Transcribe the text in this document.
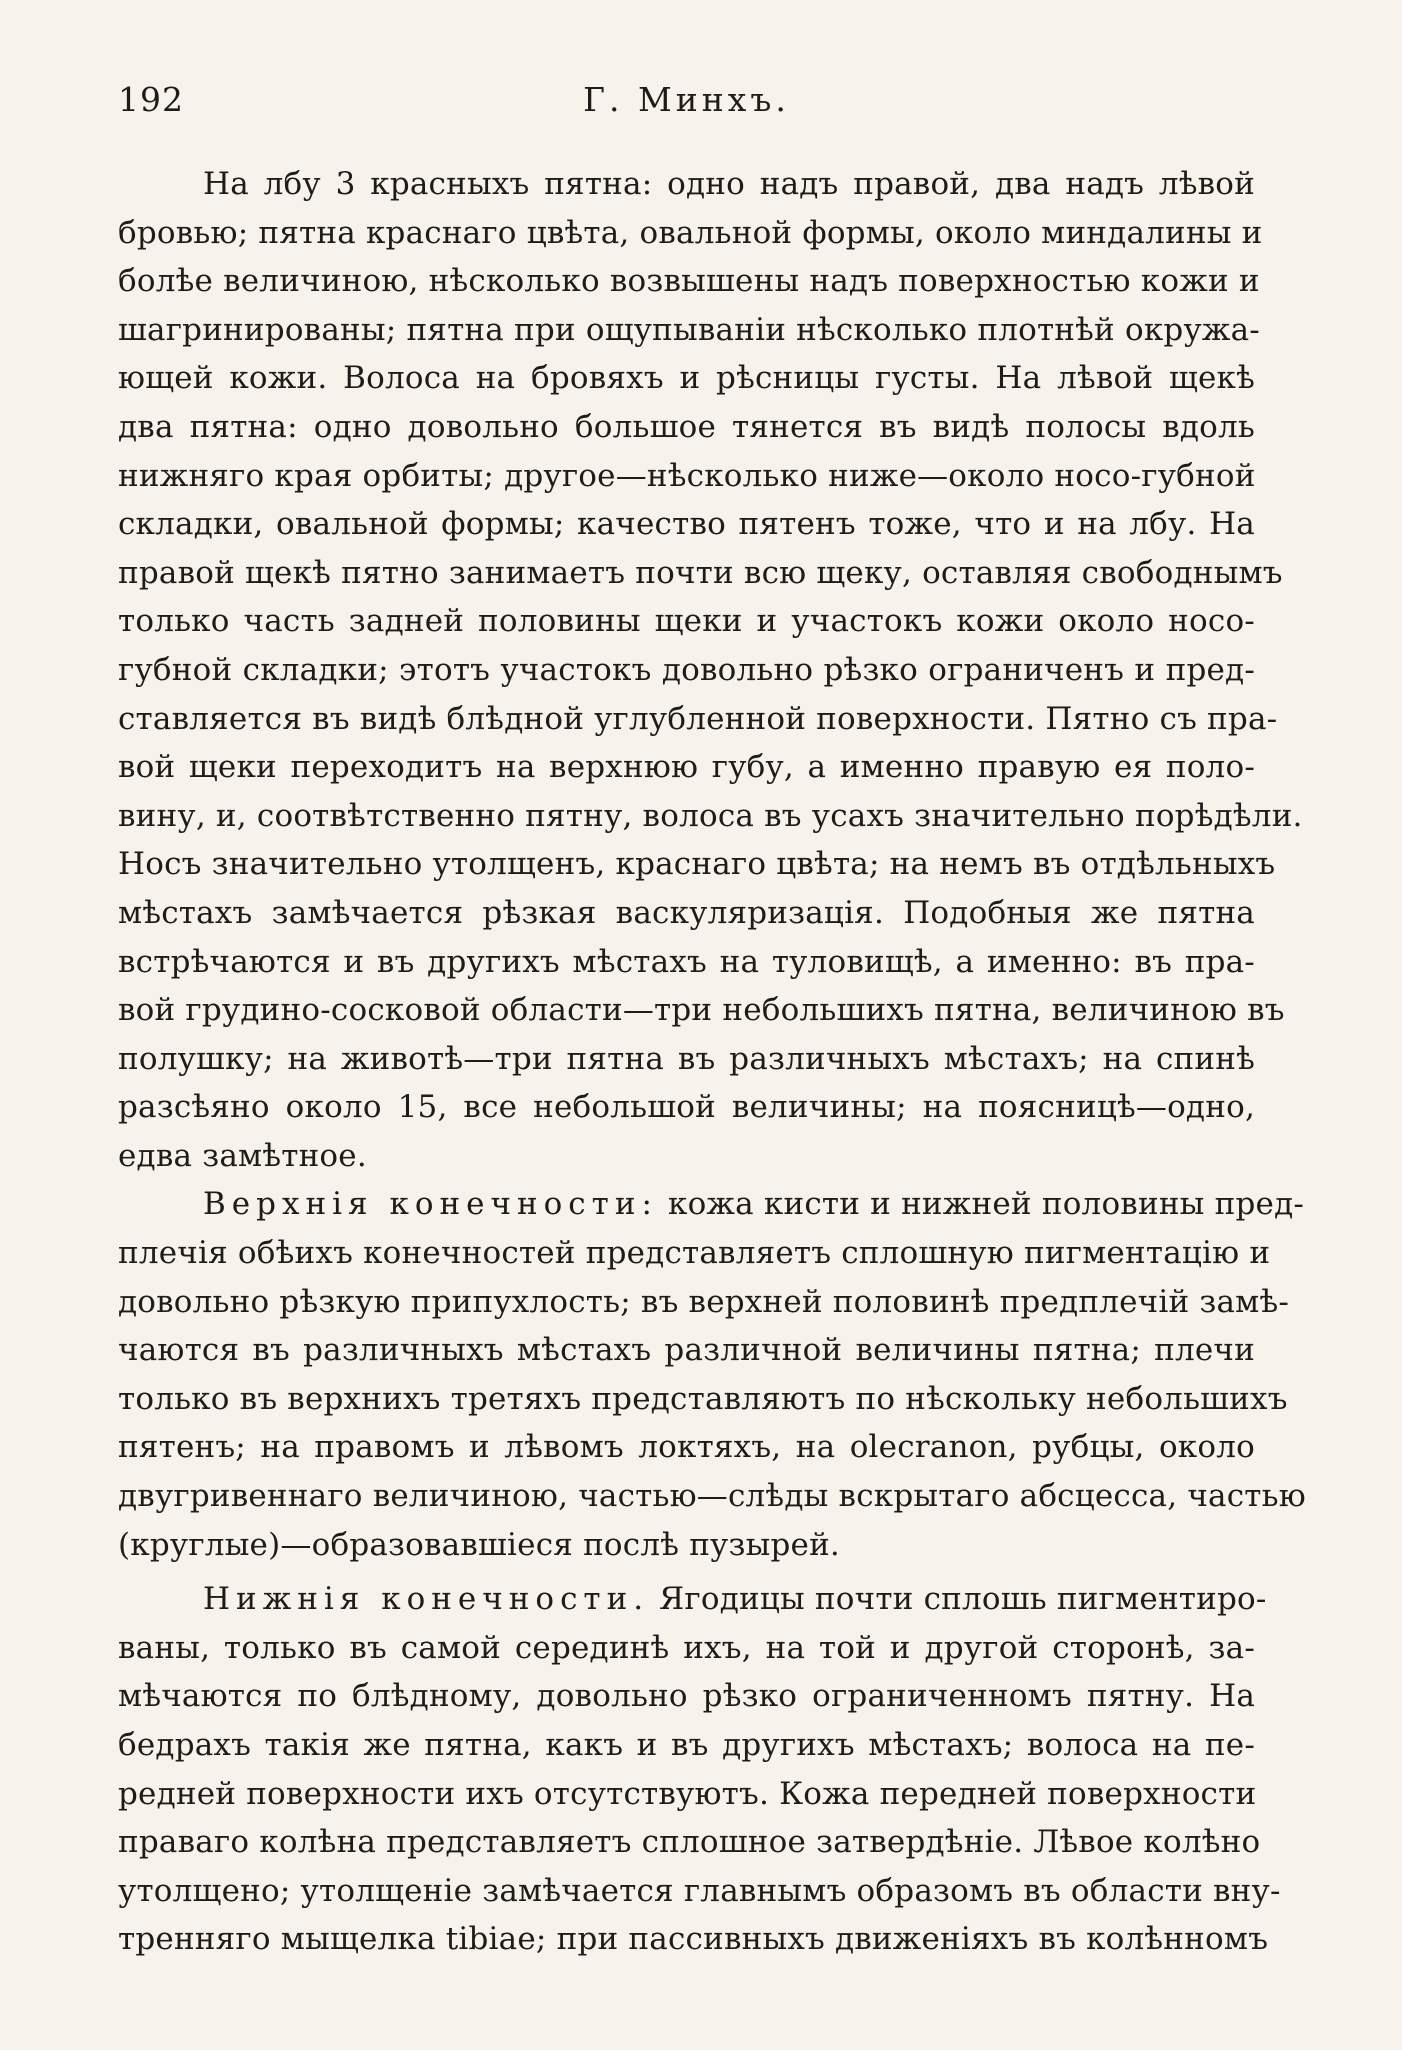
192	Г. Минхъ.
На лбу 3 красныхъ пятна: одно надъ правой, два надъ лѣвой
бровью; пятна краснаго цвѣта, овальной формы, около миндалины и
болѣе величиною, нѣсколько возвышены надъ поверхностью кожи и
шагринированы; пятна при ощупываніи нѣсколько плотнѣй окружа-
ющей кожи. Волоса на бровяхъ и рѣсницы густы. На лѣвой щекѣ
два пятна: одно довольно большое тянется въ видѣ полосы вдоль
нижняго края орбиты; другое—нѣсколько ниже—около носо-губной
складки, овальной формы; качество пятенъ тоже, что и на лбу. На
правой щекѣ пятно занимаетъ почти всю щеку, оставляя свободнымъ
только часть задней половины щеки и участокъ кожи около носо-
губной складки; этотъ участокъ довольно рѣзко ограниченъ и пред-
ставляется въ видѣ блѣдной углубленной поверхности. Пятно съ пра-
вой щеки переходитъ на верхнюю губу, а именно правую ея поло-
вину, и, соотвѣтственно пятну, волоса въ усахъ значительно порѣдѣли.
Носъ значительно утолщенъ, краснаго цвѣта; на немъ въ отдѣльныхъ
мѣстахъ замѣчается рѣзкая васкуляризація. Подобныя же пятна
встрѣчаются и въ другихъ мѣстахъ на туловищѣ, а именно: въ пра-
вой грудино-сосковой области—три небольшихъ пятна, величиною въ
полушку; на животѣ—три пятна въ различныхъ мѣстахъ; на спинѣ
разсѣяно около 15, все небольшой величины; на поясницѣ—одно,
едва замѣтное.
Верхнія конечности: кожа кисти и нижней половины пред-
плечія обѣихъ конечностей представляетъ сплошную пигментацію и
довольно рѣзкую припухлость; въ верхней половинѣ предплечій замѣ-
чаются въ различныхъ мѣстахъ различной величины пятна; плечи
только въ верхнихъ третяхъ представляютъ по нѣскольку небольшихъ
пятенъ; на правомъ и лѣвомъ локтяхъ, на olecranon, рубцы, около
двугривеннаго величиною, частью—слѣды вскрытаго абсцесса, частью
(круглые)—образовавшіеся послѣ пузырей.
Нижнія конечности. Ягодицы почти сплошь пигментиро-
ваны, только въ самой серединѣ ихъ, на той и другой сторонѣ, за-
мѣчаются по блѣдному, довольно рѣзко ограниченномъ пятну. На
бедрахъ такія же пятна, какъ и въ другихъ мѣстахъ; волоса на пе-
редней поверхности ихъ отсутствуютъ. Кожа передней поверхности
праваго колѣна представляетъ сплошное затвердѣніе. Лѣвое колѣно
утолщено; утолщеніе замѣчается главнымъ образомъ въ области вну-
тренняго мыщелка tibiae; при пассивныхъ движеніяхъ въ колѣнномъ
